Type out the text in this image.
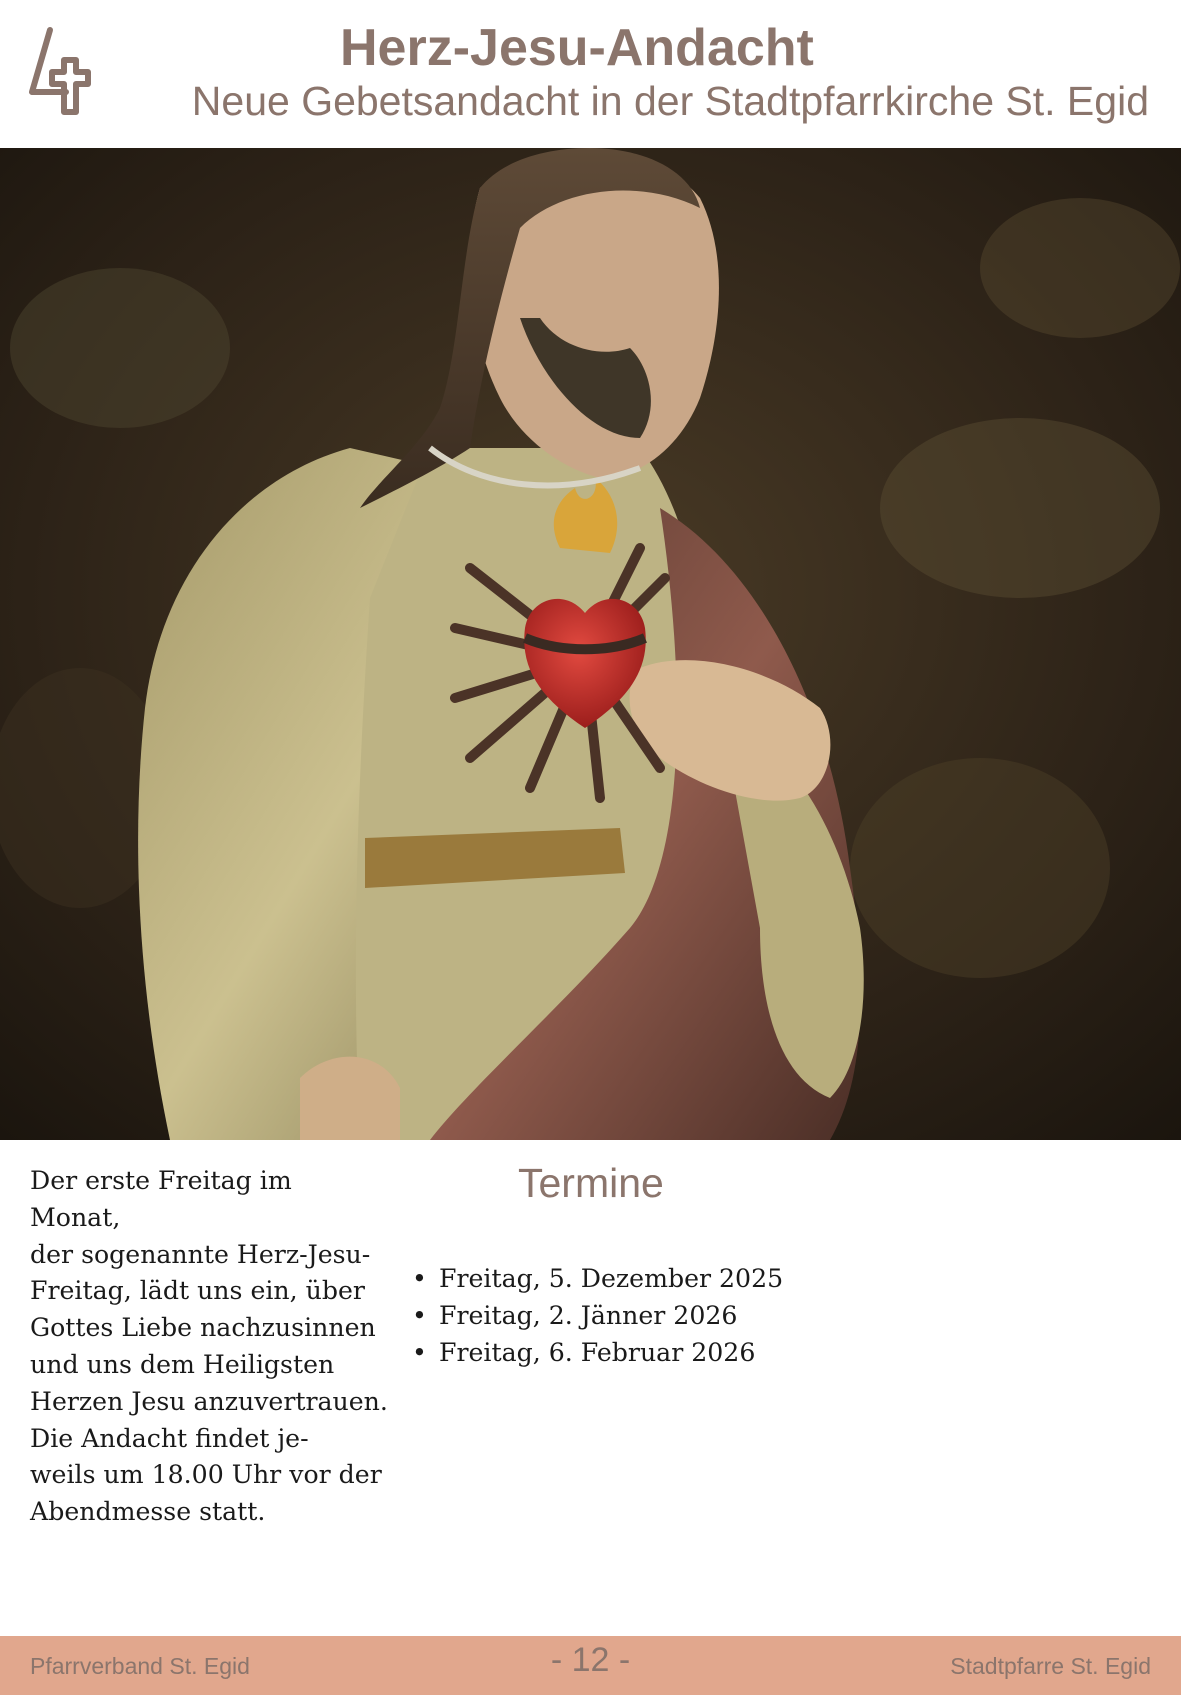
Herz-Jesu-Andacht
Neue Gebetsandacht in der Stadtpfarrkirche St. Egid
Der erste Freitag im Monat,
der sogenannte Herz-Jesu-
Freitag, lädt uns ein, über
Gottes Liebe nachzusinnen
und uns dem Heiligsten
Herzen Jesu anzuvertrauen.
Die Andacht findet je-
weils um 18.00 Uhr vor der
Abendmesse statt.
Termine
• Freitag, 5. Dezember 2025
• Freitag, 2. Jänner 2026
• Freitag, 6. Februar 2026
Pfarrverband St. Egid	- 12 -	Stadtpfarre St. Egid
